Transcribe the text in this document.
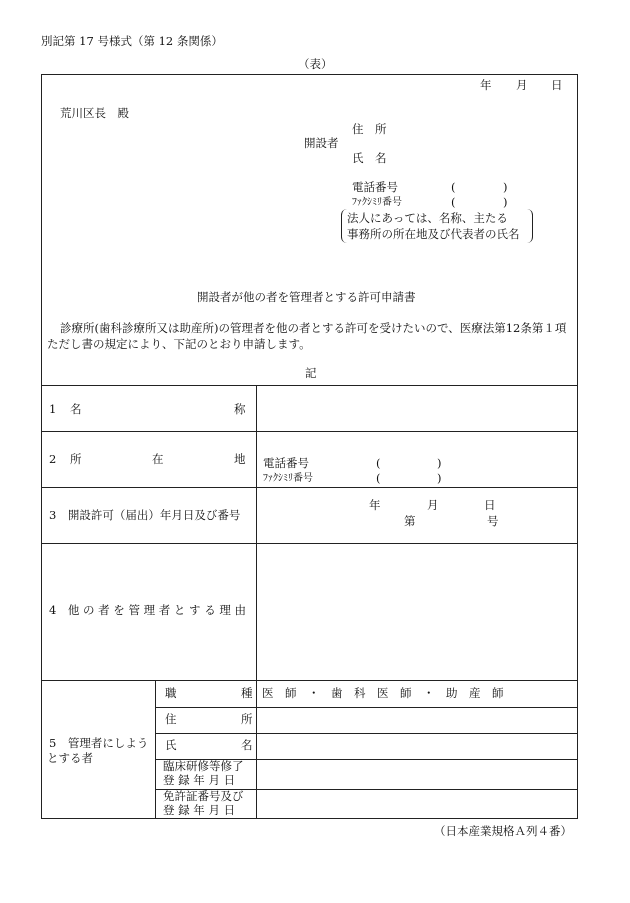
別記第 17 号様式（第 12 条関係）
（表）
年 月 日
荒川区長　殿
開設者
住　所
氏　名
電話番号	(	)
ﾌｧｸｼﾐﾘ番号	(	)
法人にあっては、名称、主たる
事務所の所在地及び代表者の氏名
開設者が他の者を管理者とする許可申請書
診療所(歯科診療所又は助産所)の管理者を他の者とする許可を受けたいので、医療法第12条第１項
ただし書の規定により、下記のとおり申請します。
記
1 名	称
2 所	在	地 電話番号	(	)
ﾌｧｸｼﾐﾘ番号	(	)
3　開設許可（届出）年月日及び番号
年	月	日
第	号
4　他 の 者 を 管 理 者 と す る 理 由
5　管理者にしよう
とする者
職	種 医　師　・　歯　科　医　師　・　助　産　師
住	所
氏	名
臨床研修等修了
登 録 年 月 日
免許証番号及び
登 録 年 月 日
（日本産業規格Ａ列４番）
